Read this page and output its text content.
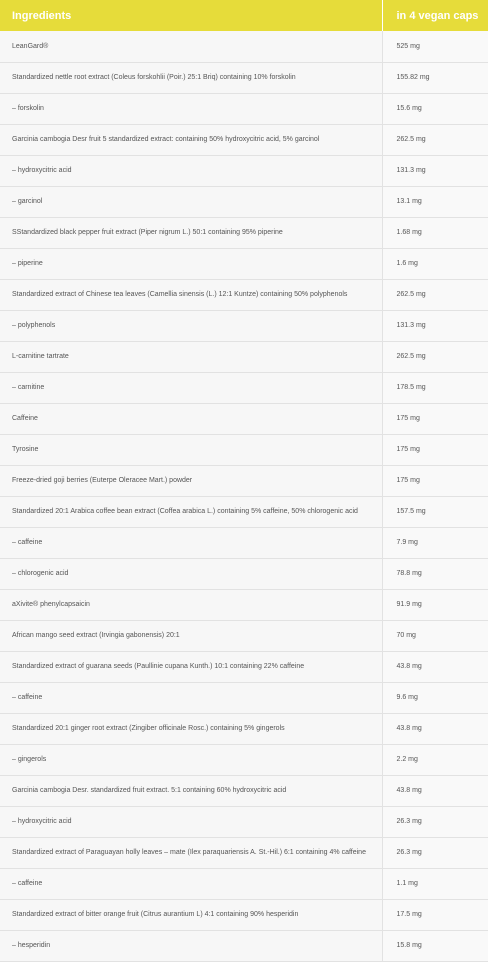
Ingredients	in 4 vegan caps
LeanGard®	525 mg
Standardized nettle root extract (Coleus forskohlii (Poir.) 25:1 Briq) containing 10% forskolin	155.82 mg
– forskolin	15.6 mg
Garcinia cambogia Desr fruit 5 standardized extract: containing 50% hydroxycitric acid, 5% garcinol	262.5 mg
– hydroxycitric acid	131.3 mg
– garcinol	13.1 mg
SStandardized black pepper fruit extract (Piper nigrum L.) 50:1 containing 95% piperine	1.68 mg
– piperine	1.6 mg
Standardized extract of Chinese tea leaves (Camellia sinensis (L.) 12:1 Kuntze) containing 50% polyphenols	262.5 mg
– polyphenols	131.3 mg
L-carnitine tartrate	262.5 mg
– carnitine	178.5 mg
Caffeine	175 mg
Tyrosine	175 mg
Freeze-dried goji berries (Euterpe Oleracee Mart.) powder	175 mg
Standardized 20:1 Arabica coffee bean extract (Coffea arabica L.) containing 5% caffeine, 50% chlorogenic acid	157.5 mg
– caffeine	7.9 mg
– chlorogenic acid	78.8 mg
aXivite® phenylcapsaicin	91.9 mg
African mango seed extract (Irvingia gabonensis) 20:1	70 mg
Standardized extract of guarana seeds (Paullinie cupana Kunth.) 10:1 containing 22% caffeine	43.8 mg
– caffeine	9.6 mg
Standardized 20:1 ginger root extract (Zingiber officinale Rosc.) containing 5% gingerols	43.8 mg
– gingerols	2.2 mg
Garcinia cambogia Desr. standardized fruit extract. 5:1 containing 60% hydroxycitric acid	43.8 mg
– hydroxycitric acid	26.3 mg
Standardized extract of Paraguayan holly leaves – mate (Ilex paraquariensis A. St.-Hil.) 6:1 containing 4% caffeine	26.3 mg
– caffeine	1.1 mg
Standardized extract of bitter orange fruit (Citrus aurantium L) 4:1 containing 90% hesperidin	17.5 mg
– hesperidin	15.8 mg
